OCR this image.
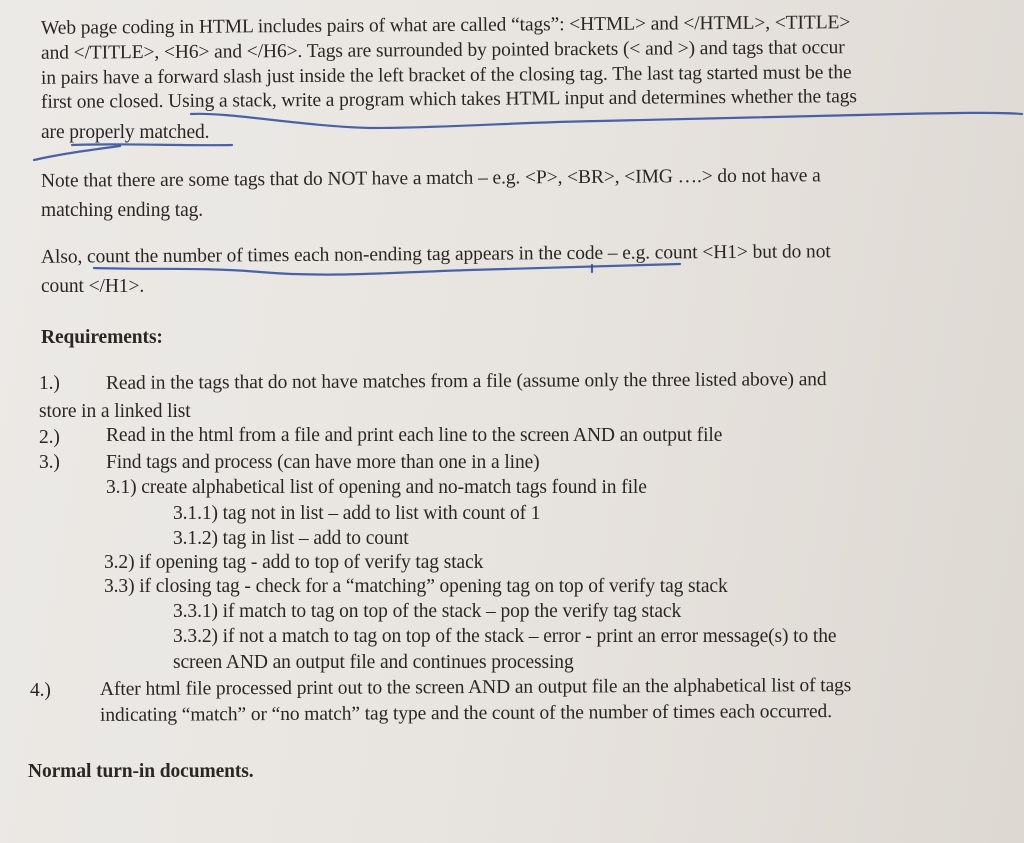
Web page coding in HTML includes pairs of what are called “tags”: <HTML> and </HTML>, <TITLE>
and </TITLE>, <H6> and </H6>. Tags are surrounded by pointed brackets (< and >) and tags that occur
in pairs have a forward slash just inside the left bracket of the closing tag. The last tag started must be the
first one closed. Using a stack, write a program which takes HTML input and determines whether the tags
are properly matched.
Note that there are some tags that do NOT have a match – e.g. <P>, <BR>, <IMG ….> do not have a
matching ending tag.
Also, count the number of times each non-ending tag appears in the code – e.g. count <H1> but do not
count </H1>.
Requirements:
1.) Read in the tags that do not have matches from a file (assume only the three listed above) and
store in a linked list
2.) Read in the html from a file and print each line to the screen AND an output file
3.) Find tags and process (can have more than one in a line)
3.1) create alphabetical list of opening and no-match tags found in file
3.1.1) tag not in list – add to list with count of 1
3.1.2) tag in list – add to count
3.2) if opening tag - add to top of verify tag stack
3.3) if closing tag - check for a “matching” opening tag on top of verify tag stack
3.3.1) if match to tag on top of the stack – pop the verify tag stack
3.3.2) if not a match to tag on top of the stack – error - print an error message(s) to the
screen AND an output file and continues processing
4.)	After html file processed print out to the screen AND an output file an the alphabetical list of tags
indicating “match” or “no match” tag type and the count of the number of times each occurred.
Normal turn-in documents.
